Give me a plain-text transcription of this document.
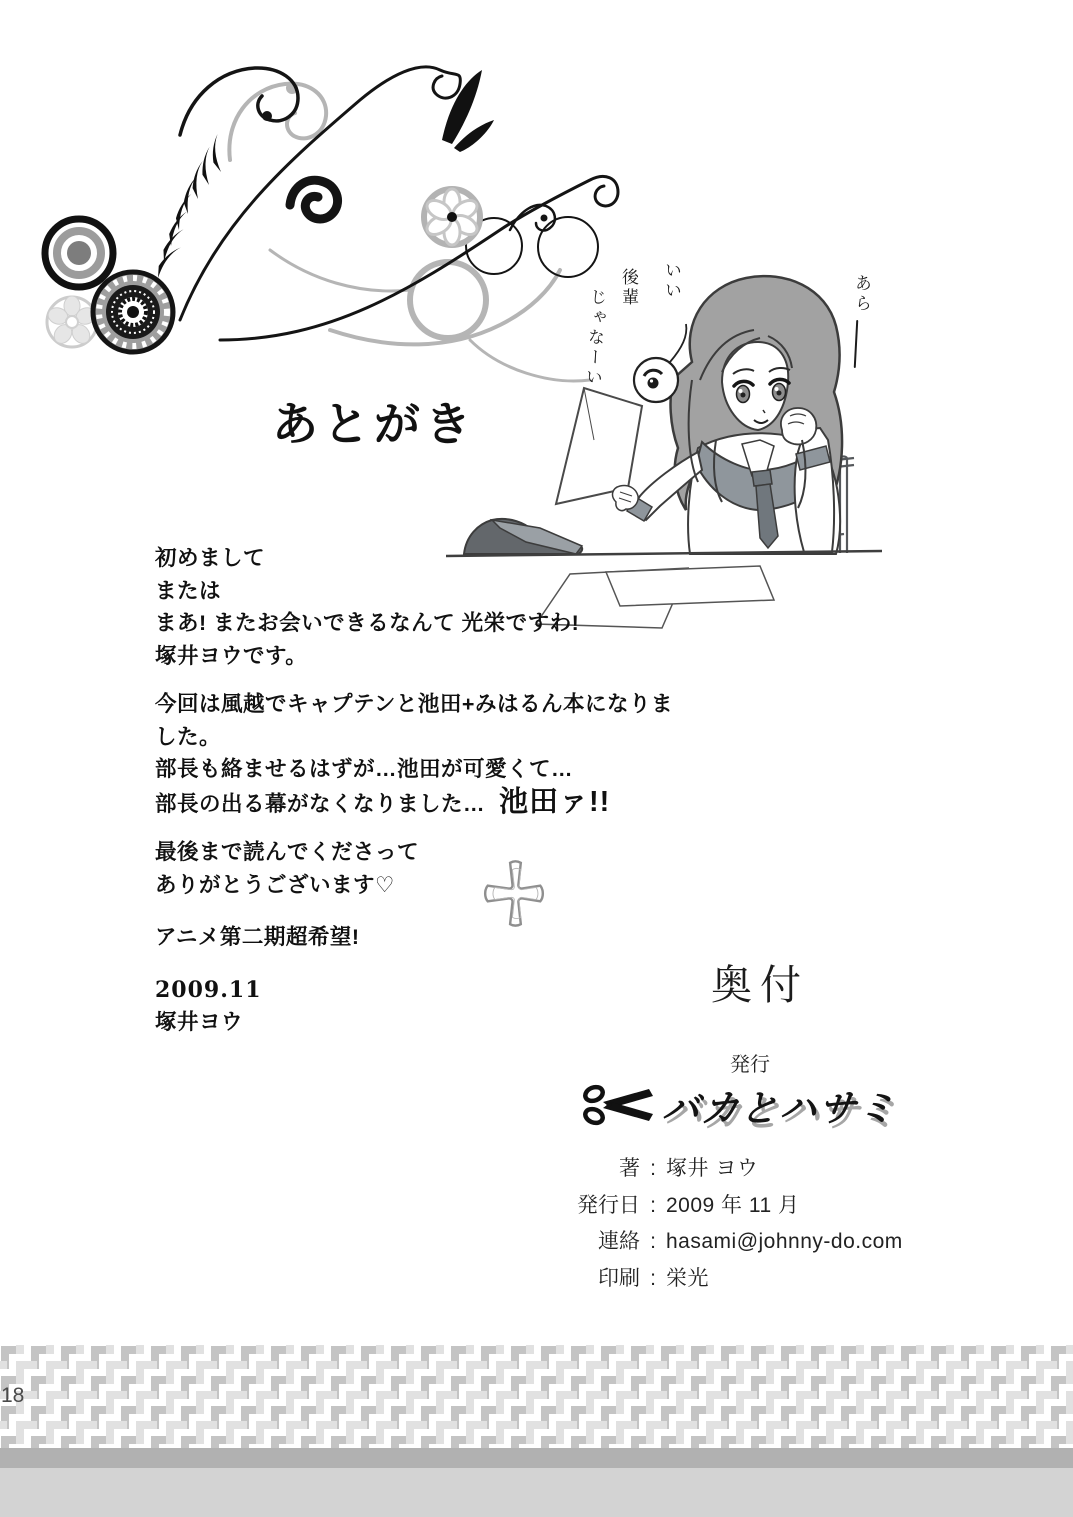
あとがき
あら
いい
後輩
じゃなーい
初めまして
または
まあ! またお会いできるなんて 光栄ですわ!
塚井ヨウです。
今回は風越でキャプテンと池田+みはるん本になりました。
部長も絡ませるはずが…池田が可愛くて…
部長の出る幕がなくなりました… 池田ァ!!
最後まで読んでくださって
ありがとうございます♡
アニメ第二期超希望!
2009.11
塚井ヨウ
奥付
発行
バカとハサミ
著 : 塚井 ヨウ
発行日 : 2009 年 11 月
連絡 : hasami@johnny-do.com
印刷 : 栄光
18
